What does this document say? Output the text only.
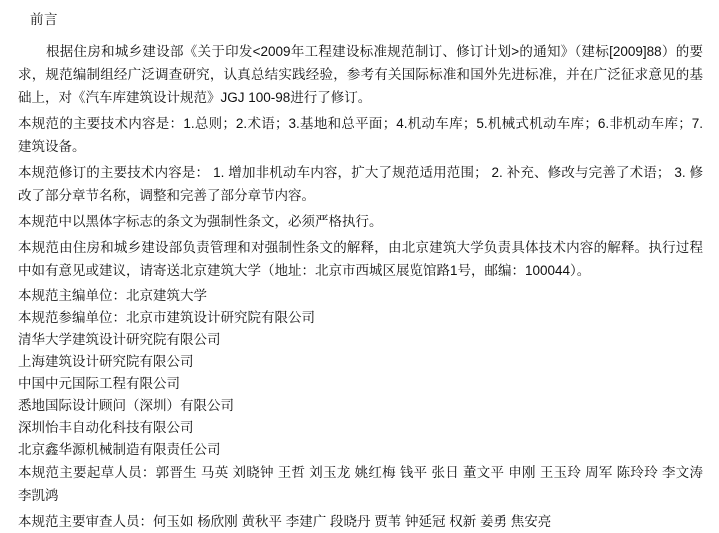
前言

根据住房和城乡建设部《关于印发<2009年工程建设标准规范制订、修订计划>的通知》（建标[2009]88）的要求，规范编制组经广泛调查研究，认真总结实践经验，参考有关国际标准和国外先进标准，并在广泛征求意见的基础上，对《汽车库建筑设计规范》JGJ 100-98进行了修订。

本规范的主要技术内容是：1.总则；2.术语；3.基地和总平面；4.机动车库；5.机械式机动车库；6.非机动车库；7.建筑设备。

本规范修订的主要技术内容是： 1. 增加非机动车内容，扩大了规范适用范围； 2. 补充、修改与完善了术语； 3. 修改了部分章节名称，调整和完善了部分章节内容。

本规范中以黑体字标志的条文为强制性条文，必须严格执行。

本规范由住房和城乡建设部负责管理和对强制性条文的解释，由北京建筑大学负责具体技术内容的解释。执行过程中如有意见或建议，请寄送北京建筑大学（地址：北京市西城区展览馆路1号，邮编：100044）。

本规范主编单位：北京建筑大学

本规范参编单位：北京市建筑设计研究院有限公司

清华大学建筑设计研究院有限公司

上海建筑设计研究院有限公司

中国中元国际工程有限公司

悉地国际设计顾问（深圳）有限公司

深圳怡丰自动化科技有限公司

北京鑫华源机械制造有限责任公司

本规范主要起草人员：郭晋生 马英 刘晓钟 王哲 刘玉龙 姚红梅 钱平 张日 董文平 申刚 王玉玲 周军 陈玲玲 李文涛 李凯鸿

本规范主要审查人员：何玉如 杨欣刚 黄秋平 李建广 段晓丹 贾苇 钟延冠 权新 姜勇 焦安亮
